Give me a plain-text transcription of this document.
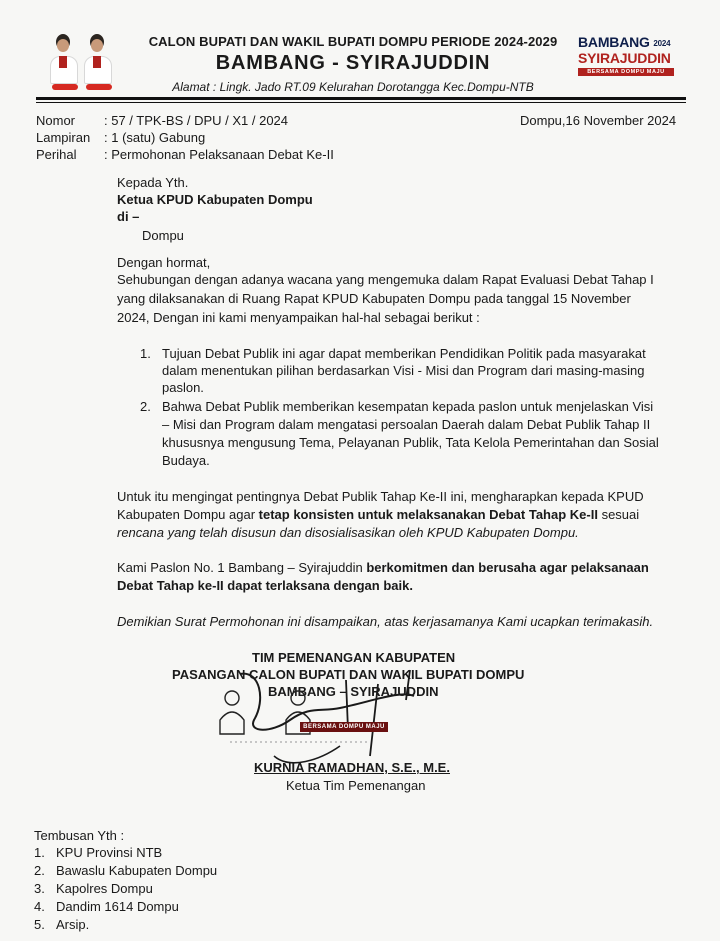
CALON BUPATI DAN WAKIL BUPATI DOMPU PERIODE 2024-2029
BAMBANG - SYIRAJUDDIN
Alamat : Lingk. Jado RT.09 Kelurahan Dorotangga Kec.Dompu-NTB
BAMBANG 2024
SYIRAJUDDIN
BERSAMA DOMPU MAJU
Nomor : 57 / TPK-BS / DPU / X1 / 2024	Dompu,16 November 2024
Lampiran : 1 (satu) Gabung
Perihal : Permohonan Pelaksanaan Debat Ke-II
Kepada Yth.
Ketua KPUD Kabupaten Dompu
di –
Dompu
Dengan hormat,
Sehubungan dengan adanya wacana yang mengemuka dalam Rapat Evaluasi Debat Tahap I
yang dilaksanakan di Ruang Rapat KPUD Kabupaten Dompu pada tanggal 15 November
2024, Dengan ini kami menyampaikan hal-hal sebagai berikut :
1. Tujuan Debat Publik ini agar dapat memberikan Pendidikan Politik pada masyarakat
dalam menentukan pilihan berdasarkan Visi - Misi dan Program dari masing-masing
paslon.
2. Bahwa Debat Publik memberikan kesempatan kepada paslon untuk menjelaskan Visi
– Misi dan Program dalam mengatasi persoalan Daerah dalam Debat Publik Tahap II
khususnya mengusung Tema, Pelayanan Publik, Tata Kelola Pemerintahan dan Sosial
Budaya.
Untuk itu mengingat pentingnya Debat Publik Tahap Ke-II ini, mengharapkan kepada KPUD
Kabupaten Dompu agar tetap konsisten untuk melaksanakan Debat Tahap Ke-II sesuai
rencana yang telah disusun dan disosialisasikan oleh KPUD Kabupaten Dompu.
Kami Paslon No. 1 Bambang – Syirajuddin berkomitmen dan berusaha agar pelaksanaan
Debat Tahap ke-II dapat terlaksana dengan baik.
Demikian Surat Permohonan ini disampaikan, atas kerjasamanya Kami ucapkan terimakasih.
TIM PEMENANGAN KABUPATEN
PASANGAN CALON BUPATI DAN WAKIL BUPATI DOMPU
BAMBANG – SYIRAJUDDIN
BERSAMA DOMPU MAJU
KURNIA RAMADHAN, S.E., M.E.
Ketua Tim Pemenangan
Tembusan Yth :
1. KPU Provinsi NTB
2. Bawaslu Kabupaten Dompu
3. Kapolres Dompu
4. Dandim 1614 Dompu
5. Arsip.
